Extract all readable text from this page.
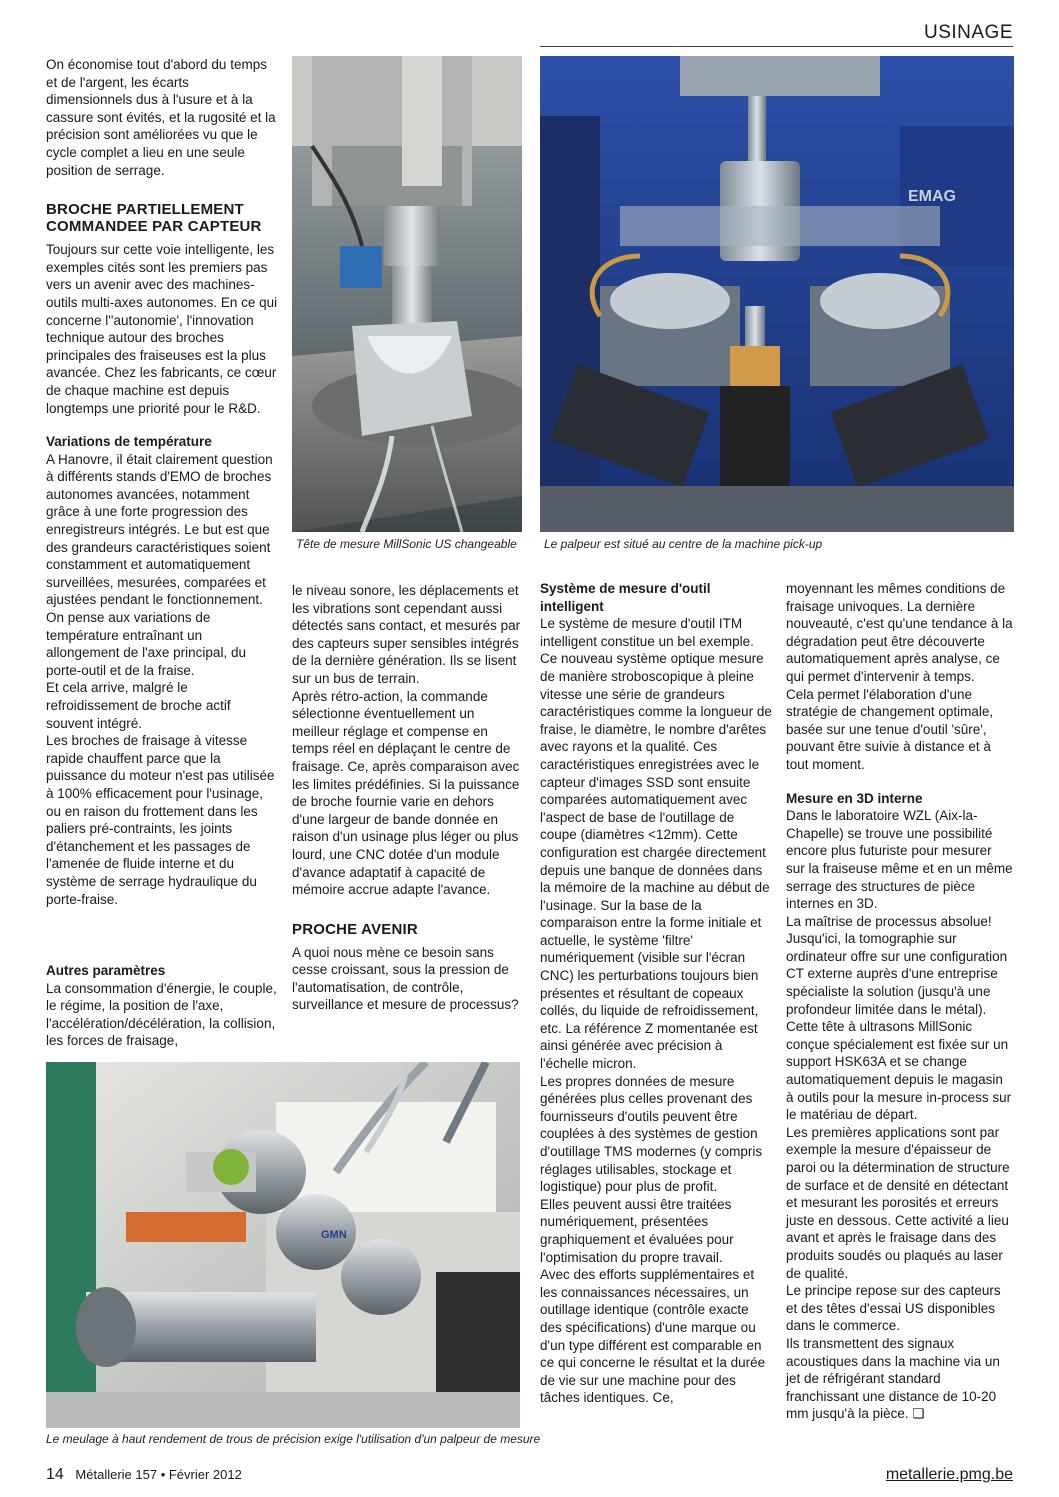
USINAGE

On économise tout d'abord du temps et de l'argent, les écarts dimensionnels dus à l'usure et à la cassure sont évités, et la rugosité et la précision sont améliorées vu que le cycle complet a lieu en une seule position de serrage.

BROCHE PARTIELLEMENT COMMANDEE PAR CAPTEUR

Toujours sur cette voie intelligente, les exemples cités sont les premiers pas vers un avenir avec des machines-outils multi-axes autonomes. En ce qui concerne l''autonomie', l'innovation technique autour des broches principales des fraiseuses est la plus avancée. Chez les fabricants, ce cœur de chaque machine est depuis longtemps une priorité pour le R&D.

Variations de température

A Hanovre, il était clairement question à différents stands d'EMO de broches autonomes avancées, notamment grâce à une forte progression des enregistreurs intégrés. Le but est que des grandeurs caractéristiques soient constamment et automatiquement surveillées, mesurées, comparées et ajustées pendant le fonctionnement.

On pense aux variations de température entraînant un allongement de l'axe principal, du porte-outil et de la fraise.

Et cela arrive, malgré le refroidissement de broche actif souvent intégré.

Les broches de fraisage à vitesse rapide chauffent parce que la puissance du moteur n'est pas utilisée à 100% efficacement pour l'usinage, ou en raison du frottement dans les paliers pré-contraints, les joints d'étanchement et les passages de l'amenée de fluide interne et du système de serrage hydraulique du porte-fraise.

Autres paramètres

La consommation d'énergie, le couple, le régime, la position de l'axe, l'accélération/décélération, la collision, les forces de fraisage,

le niveau sonore, les déplacements et les vibrations sont cependant aussi détectés sans contact, et mesurés par des capteurs super sensibles intégrés de la dernière génération. Ils se lisent sur un bus de terrain.

Après rétro-action, la commande sélectionne éventuellement un meilleur réglage et compense en temps réel en déplaçant le centre de fraisage. Ce, après comparaison avec les limites prédéfinies. Si la puissance de broche fournie varie en dehors d'une largeur de bande donnée en raison d'un usinage plus léger ou plus lourd, une CNC dotée d'un module d'avance adaptatif à capacité de mémoire accrue adapte l'avance.

PROCHE AVENIR

A quoi nous mène ce besoin sans cesse croissant, sous la pression de l'automatisation, de contrôle, surveillance et mesure de processus?

Système de mesure d'outil intelligent

Le système de mesure d'outil ITM intelligent constitue un bel exemple. Ce nouveau système optique mesure de manière stroboscopique à pleine vitesse une série de grandeurs caractéristiques comme la longueur de fraise, le diamètre, le nombre d'arêtes avec rayons et la qualité. Ces caractéristiques enregistrées avec le capteur d'images SSD sont ensuite comparées automatiquement avec l'aspect de base de l'outillage de coupe (diamètres <12mm). Cette configuration est chargée directement depuis une banque de données dans la mémoire de la machine au début de l'usinage. Sur la base de la comparaison entre la forme initiale et actuelle, le système 'filtre' numériquement (visible sur l'écran CNC) les perturbations toujours bien présentes et résultant de copeaux collés, du liquide de refroidissement, etc. La référence Z momentanée est ainsi générée avec précision à l'échelle micron.

Les propres données de mesure générées plus celles provenant des fournisseurs d'outils peuvent être couplées à des systèmes de gestion d'outillage TMS modernes (y compris réglages utilisables, stockage et logistique) pour plus de profit.

Elles peuvent aussi être traitées numériquement, présentées graphiquement et évaluées pour l'optimisation du propre travail.

Avec des efforts supplémentaires et les connaissances nécessaires, un outillage identique (contrôle exacte des spécifications) d'une marque ou d'un type différent est comparable en ce qui concerne le résultat et la durée de vie sur une machine pour des tâches identiques. Ce,

moyennant les mêmes conditions de fraisage univoques. La dernière nouveauté, c'est qu'une tendance à la dégradation peut être découverte automatiquement après analyse, ce qui permet d'intervenir à temps.

Cela permet l'élaboration d'une stratégie de changement optimale, basée sur une tenue d'outil 'sûre', pouvant être suivie à distance et à tout moment.

Mesure en 3D interne

Dans le laboratoire WZL (Aix-la-Chapelle) se trouve une possibilité encore plus futuriste pour mesurer sur la fraiseuse même et en un même serrage des structures de pièce internes en 3D.

La maîtrise de processus absolue! Jusqu'ici, la tomographie sur ordinateur offre sur une configuration CT externe auprès d'une entreprise spécialiste la solution (jusqu'à une profondeur limitée dans le métal). Cette tête à ultrasons MillSonic conçue spécialement est fixée sur un support HSK63A et se change automatiquement depuis le magasin à outils pour la mesure in-process sur le matériau de départ.

Les premières applications sont par exemple la mesure d'épaisseur de paroi ou la détermination de structure de surface et de densité en détectant et mesurant les porosités et erreurs juste en dessous. Cette activité a lieu avant et après le fraisage dans des produits soudés ou plaqués au laser de qualité.

Le principe repose sur des capteurs et des têtes d'essai US disponibles dans le commerce.

Ils transmettent des signaux acoustiques dans la machine via un jet de réfrigérant standard franchissant une distance de 10-20 mm jusqu'à la pièce. ❏

Tête de mesure MillSonic US changeable
EMAG
Le palpeur est situé au centre de la machine pick-up
GMN
Le meulage à haut rendement de trous de précision exige l'utilisation d'un palpeur de mesure
14 Métallerie 157 • Février 2012	metallerie.pmg.be
